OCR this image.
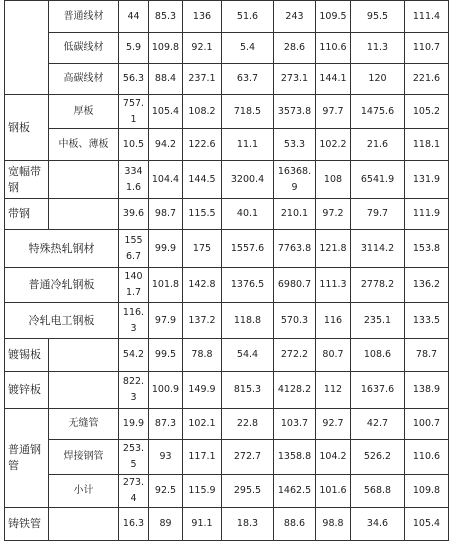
	普通线材	44	85.3	136	51.6	243	109.5	95.5	111.4
	低碳线材	5.9	109.8	92.1	5.4	28.6	110.6	11.3	110.7
	高碳线材	56.3	88.4	237.1	63.7	273.1	144.1	120	221.6
钢板	厚板	757.1	105.4	108.2	718.5	3573.8	97.7	1475.6	105.2
	中板、薄板	10.5	94.2	122.6	11.1	53.3	102.2	21.6	118.1
宽幅带钢		3341.6	104.4	144.5	3200.4	16368.9	108	6541.9	131.9
带钢		39.6	98.7	115.5	40.1	210.1	97.2	79.7	111.9
特殊热轧钢材		1556.7	99.9	175	1557.6	7763.8	121.8	3114.2	153.8
普通冷轧钢板		1401.7	101.8	142.8	1376.5	6980.7	111.3	2778.2	136.2
冷轧电工钢板		116.3	97.9	137.2	118.8	570.3	116	235.1	133.5
镀锡板		54.2	99.5	78.8	54.4	272.2	80.7	108.6	78.7
镀锌板		822.3	100.9	149.9	815.3	4128.2	112	1637.6	138.9
普通钢管	无缝管	19.9	87.3	102.1	22.8	103.7	92.7	42.7	100.7
	焊接钢管	253.5	93	117.1	272.7	1358.8	104.2	526.2	110.6
	小计	273.4	92.5	115.9	295.5	1462.5	101.6	568.8	109.8
铸铁管		16.3	89	91.1	18.3	88.6	98.8	34.6	105.4
